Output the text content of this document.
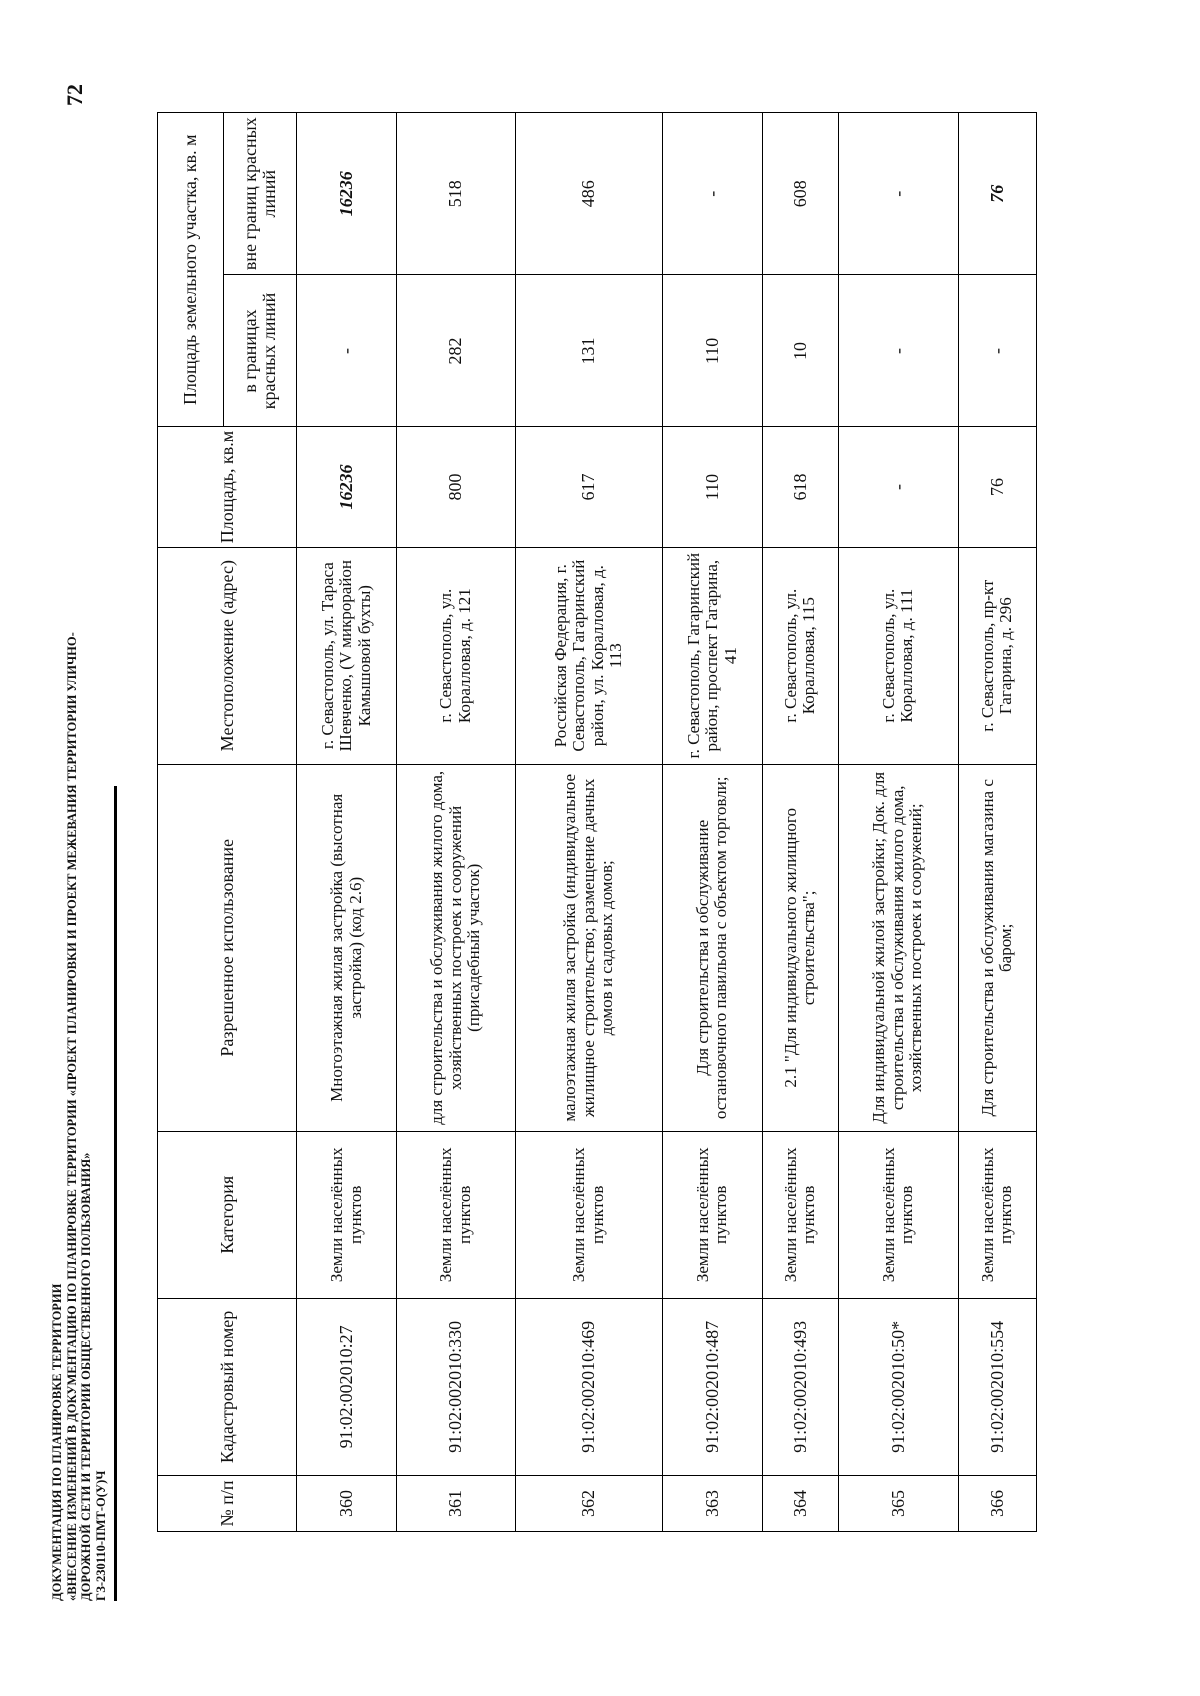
72
ДОКУМЕНТАЦИЯ ПО ПЛАНИРОВКЕ ТЕРРИТОРИИ «ВНЕСЕНИЕ ИЗМЕНЕНИЙ В ДОКУМЕНТАЦИЮ ПО ПЛАНИРОВКЕ ТЕРРИТОРИИ «ПРОЕКТ ПЛАНИРОВКИ И ПРОЕКТ МЕЖЕВАНИЯ ТЕРРИТОРИИ УЛИЧНО- ДОРОЖНОЙ СЕТИ И ТЕРРИТОРИИ ОБЩЕСТВЕННОГО ПОЛЬЗОВАНИЯ» ГЗ-230110-ПМТ-О(У)Ч	№ п/п	Кадастровый номер	Категория	Разрешенное использование	Местоположение (адрес)	Площадь, кв.м	Площадь земельного участка, кв. м	
						в границах красных линий	вне границ красных линий
360	91:02:002010:27	Земли населённых пунктов	Многоэтажная жилая застройка (высотная застройка) (код 2.6)	г. Севастополь, ул. Тараса Шевченко, (V микрорайон Камышовой бухты)	16236	-	16236
361	91:02:002010:330	Земли населённых пунктов	для строительства и обслуживания жилого дома, хозяйственных построек и сооружений (присадебный участок)	г. Севастополь, ул. Коралловая, д. 121	800	282	518
362	91:02:002010:469	Земли населённых пунктов	малоэтажная жилая застройка (индивидуальное жилищное строительство; размещение дачных домов и садовых домов;	Российская Федерация, г. Севастополь, Гагаринский район, ул. Коралловая, д. 113	617	131	486
363	91:02:002010:487	Земли населённых пунктов	Для строительства и обслуживание остановочного павильона с объектом торговли;	г. Севастополь, Гагаринский район, проспект Гагарина, 41	110	110	-
364	91:02:002010:493	Земли населённых пунктов	2.1 "Для индивидуального жилищного строительства";	г. Севастополь, ул. Коралловая, 115	618	10	608
365	91:02:002010:50*	Земли населённых пунктов	Для индивидуальной жилой застройки; Док. для строительства и обслуживания жилого дома, хозяйственных построек и сооружений;	г. Севастополь, ул. Коралловая, д. 111	-	-	-
366	91:02:002010:554	Земли населённых пунктов	Для строительства и обслуживания магазина с баром;	г. Севастополь, пр-кт Гагарина, д. 296	76	-	76
